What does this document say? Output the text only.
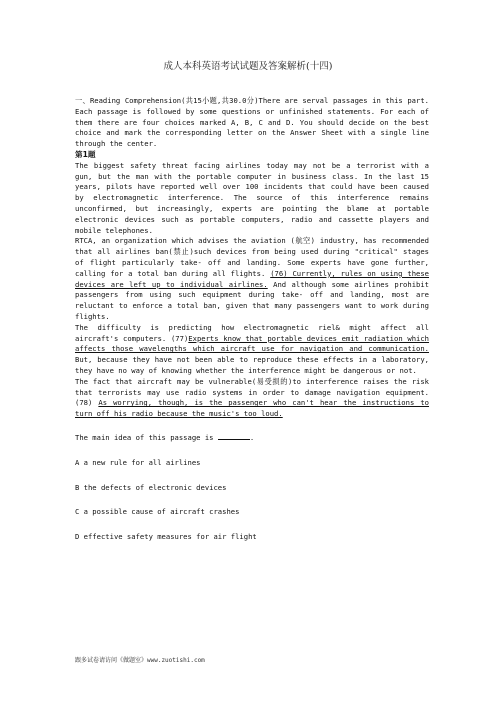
成人本科英语考试试题及答案解析(十四)

一、Reading Comprehension(共15小题,共30.0分)There are serval passages in this part. Each passage is followed by some questions or unfinished statements. For each of them there are four choices marked A, B, C and D. You should decide on the best choice and mark the corresponding letter on the Answer Sheet with a single line through the center.

第1题

The biggest safety threat facing airlines today may not be a terrorist with a gun, but the man with the portable computer in business class. In the last 15 years, pilots have reported well over 100 incidents that could have been caused by electromagnetic interference. The source of this interference remains unconfirmed, but increasingly, experts are pointing the blame at portable electronic devices such as portable computers, radio and cassette players and mobile telephones.

RTCA, an organization which advises the aviation (航空) industry, has recommended that all airlines ban(禁止)such devices from being used during "critical" stages of flight particularly take- off and landing. Some experts have gone further, calling for a total ban during all flights. (76) Currently, rules on using these devices are left up to individual airlines. And although some airlines prohibit passengers from using such equipment during take- off and landing, most are reluctant to enforce a total ban, given that many passengers want to work during flights.

The difficulty is predicting how electromagnetic riel& might affect all aircraft's computers. (77)Experts know that portable devices emit radiation which affects those wavelengths which aircraft use for navigation and communication. But, because they have not been able to reproduce these effects in a laboratory, they have no way of knowing whether the interference might be dangerous or not.

The fact that aircraft may be vulnerable(易受损的)to interference raises the risk that terrorists may use radio systems in order to damage navigation equipment. (78) As worrying, though, is the passenger who can't hear the instructions to turn off his radio because the music's too loud.

The main idea of this passage is	.

A a new rule for all airlines

B the defects of electronic devices

C a possible cause of aircraft crashes

D effective safety measures for air flight

跟多试卷请访问《做题室》www.zuotishi.com
